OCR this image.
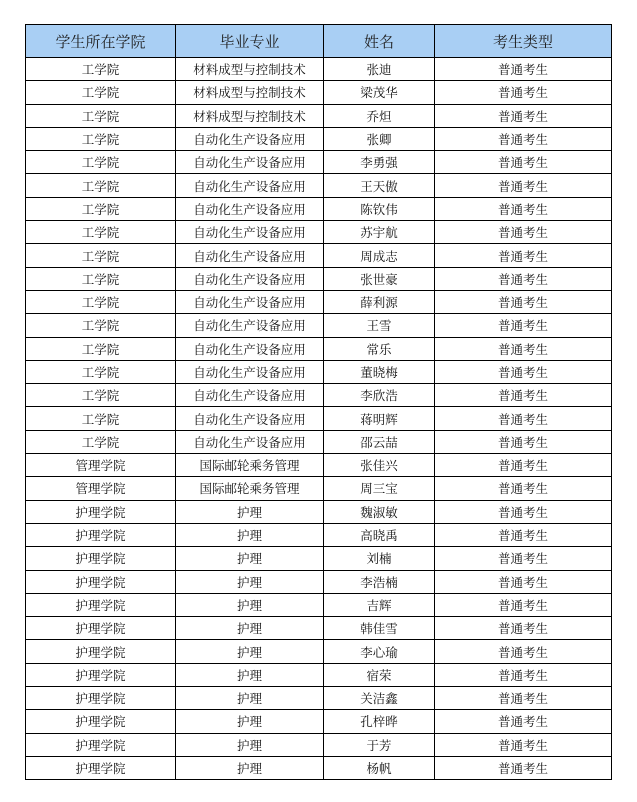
学生所在学院	毕业专业	姓名	考生类型
工学院	材料成型与控制技术	张迪	普通考生
工学院	材料成型与控制技术	梁茂华	普通考生
工学院	材料成型与控制技术	乔炟	普通考生
工学院	自动化生产设备应用	张卿	普通考生
工学院	自动化生产设备应用	李勇强	普通考生
工学院	自动化生产设备应用	王天傲	普通考生
工学院	自动化生产设备应用	陈钦伟	普通考生
工学院	自动化生产设备应用	苏宇航	普通考生
工学院	自动化生产设备应用	周成志	普通考生
工学院	自动化生产设备应用	张世豪	普通考生
工学院	自动化生产设备应用	薛利源	普通考生
工学院	自动化生产设备应用	王雪	普通考生
工学院	自动化生产设备应用	常乐	普通考生
工学院	自动化生产设备应用	董晓梅	普通考生
工学院	自动化生产设备应用	李欣浩	普通考生
工学院	自动化生产设备应用	蒋明辉	普通考生
工学院	自动化生产设备应用	邵云喆	普通考生
管理学院	国际邮轮乘务管理	张佳兴	普通考生
管理学院	国际邮轮乘务管理	周三宝	普通考生
护理学院	护理	魏淑敏	普通考生
护理学院	护理	高晓禹	普通考生
护理学院	护理	刘楠	普通考生
护理学院	护理	李浩楠	普通考生
护理学院	护理	吉辉	普通考生
护理学院	护理	韩佳雪	普通考生
护理学院	护理	李心瑜	普通考生
护理学院	护理	宿荣	普通考生
护理学院	护理	关洁鑫	普通考生
护理学院	护理	孔梓晔	普通考生
护理学院	护理	于芳	普通考生
护理学院	护理	杨帆	普通考生
